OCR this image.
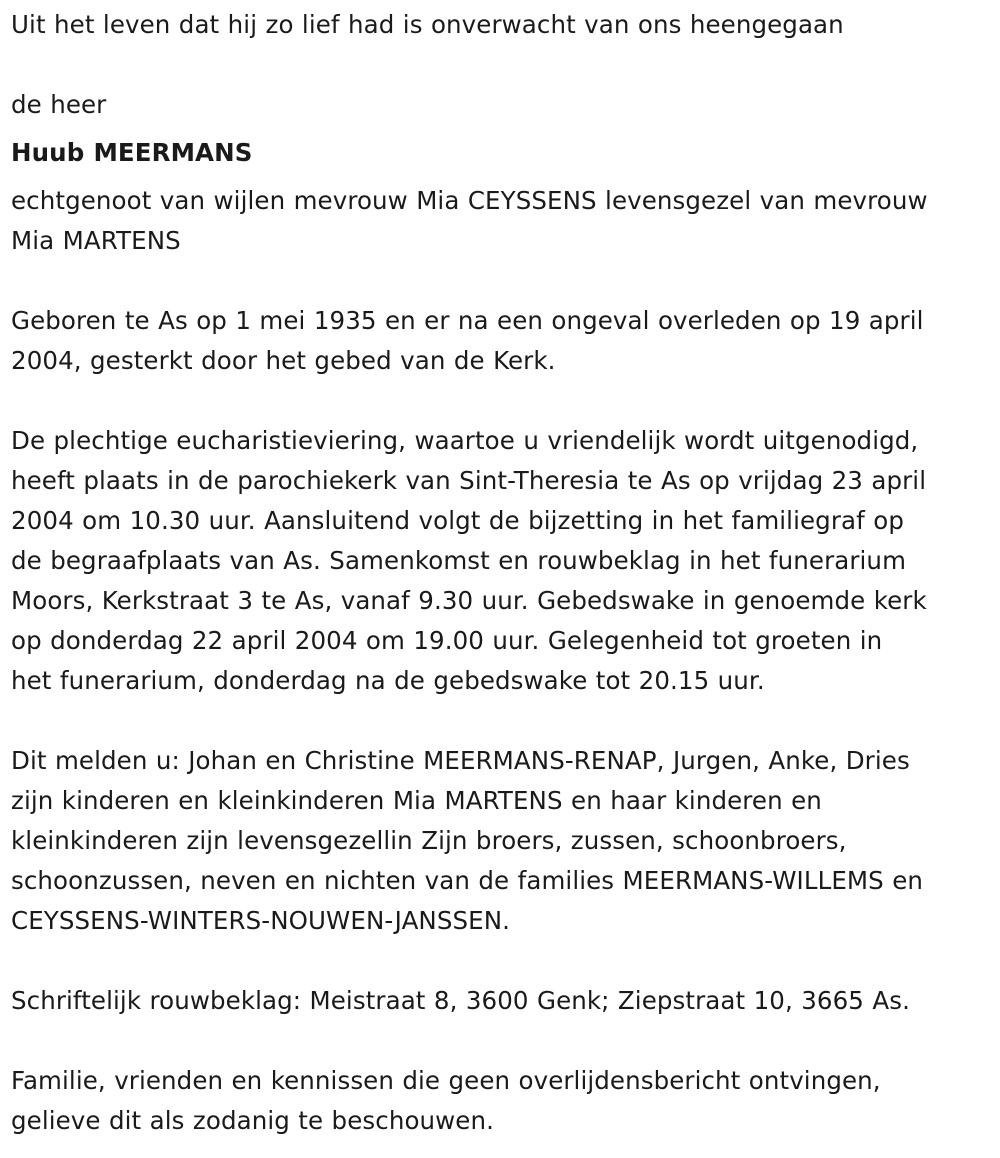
Uit het leven dat hij zo lief had is onverwacht van ons heengegaan

de heer

Huub MEERMANS

echtgenoot van wijlen mevrouw Mia CEYSSENS levensgezel van mevrouw
Mia MARTENS
Geboren te As op 1 mei 1935 en er na een ongeval overleden op 19 april
2004, gesterkt door het gebed van de Kerk.
De plechtige eucharistieviering, waartoe u vriendelijk wordt uitgenodigd,
heeft plaats in de parochiekerk van Sint-Theresia te As op vrijdag 23 april
2004 om 10.30 uur. Aansluitend volgt de bijzetting in het familiegraf op
de begraafplaats van As. Samenkomst en rouwbeklag in het funerarium
Moors, Kerkstraat 3 te As, vanaf 9.30 uur. Gebedswake in genoemde kerk
op donderdag 22 april 2004 om 19.00 uur. Gelegenheid tot groeten in
het funerarium, donderdag na de gebedswake tot 20.15 uur.
Dit melden u: Johan en Christine MEERMANS-RENAP, Jurgen, Anke, Dries
zijn kinderen en kleinkinderen Mia MARTENS en haar kinderen en
kleinkinderen zijn levensgezellin Zijn broers, zussen, schoonbroers,
schoonzussen, neven en nichten van de families MEERMANS-WILLEMS en
CEYSSENS-WINTERS-NOUWEN-JANSSEN.

Schriftelijk rouwbeklag: Meistraat 8, 3600 Genk; Ziepstraat 10, 3665 As.

Familie, vrienden en kennissen die geen overlijdensbericht ontvingen,
gelieve dit als zodanig te beschouwen.
